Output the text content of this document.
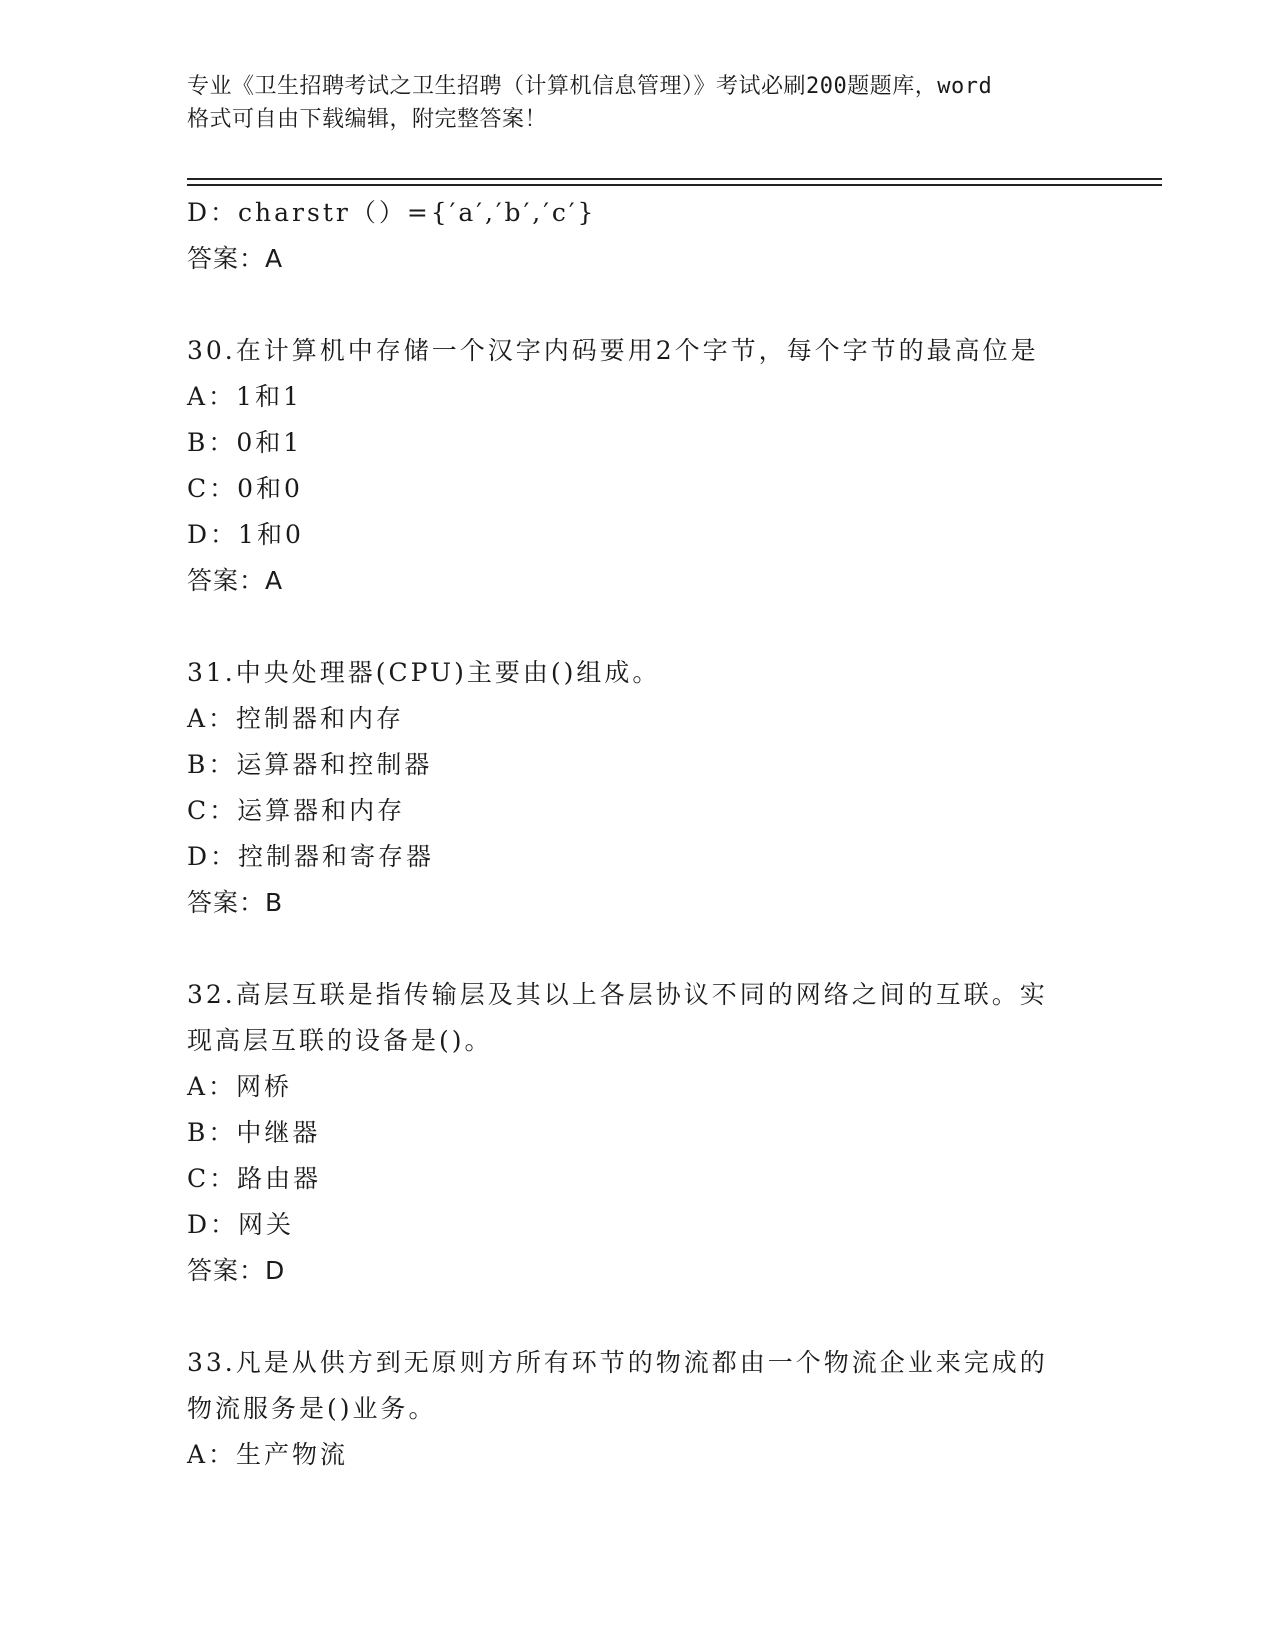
专业《卫生招聘考试之卫生招聘（计算机信息管理）》考试必刷200题题库，word
格式可自由下载编辑，附完整答案！
D：charstr（）={′a′,′b′,′c′}
答案：A
30.在计算机中存储一个汉字内码要用2个字节，每个字节的最高位是
A：1和1
B：0和1
C：0和0
D：1和0
答案：A
31.中央处理器(CPU)主要由()组成。
A：控制器和内存
B：运算器和控制器
C：运算器和内存
D：控制器和寄存器
答案：B
32.高层互联是指传输层及其以上各层协议不同的网络之间的互联。实
现高层互联的设备是()。
A：网桥
B：中继器
C：路由器
D：网关
答案：D
33.凡是从供方到无原则方所有环节的物流都由一个物流企业来完成的
物流服务是()业务。
A：生产物流
